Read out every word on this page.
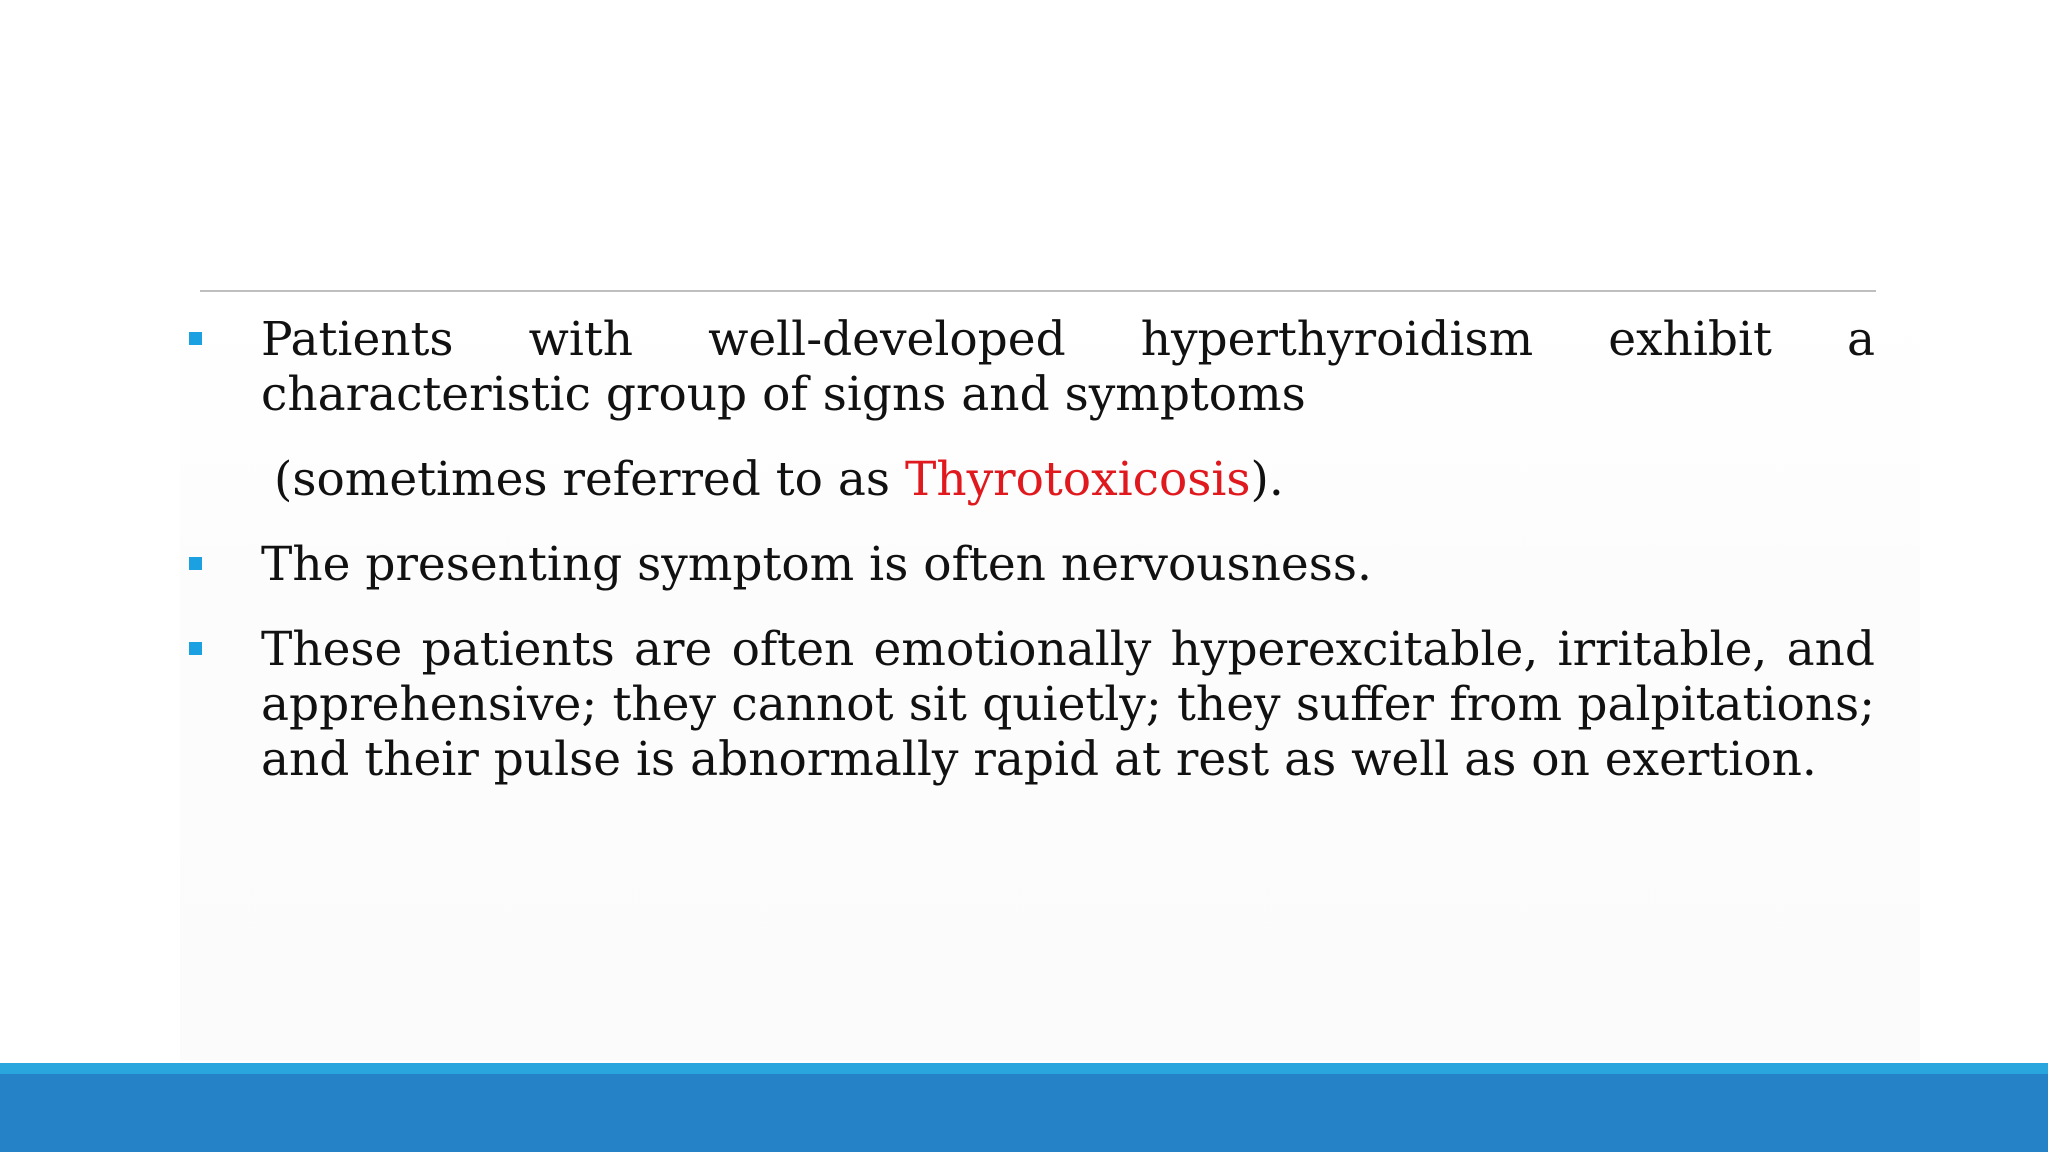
Patients with well-developed hyperthyroidism exhibit a characteristic group of signs and symptoms
(sometimes referred to as Thyrotoxicosis).
The presenting symptom is often nervousness.
These patients are often emotionally hyperexcitable, irritable, and apprehensive; they cannot sit quietly; they suffer from palpitations; and their pulse is abnormally rapid at rest as well as on exertion.
